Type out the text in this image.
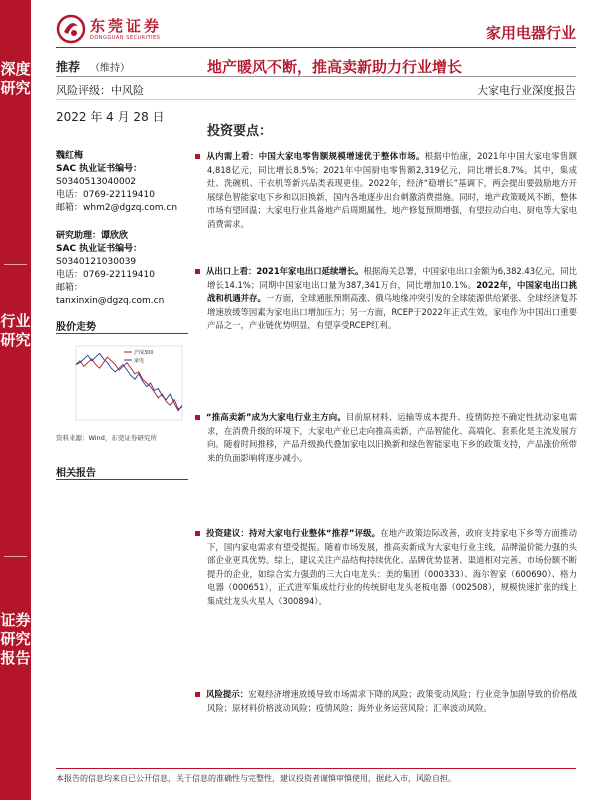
深度研究
行业研究
证券研究报告
东莞证券
DONGGUAN SECURITIES	家用电器行业
推荐 （维持）	地产暖风不断，推高卖新助力行业增长
风险评级：中风险	大家电行业深度报告
2022 年 4 月 28 日
魏红梅
SAC 执业证书编号：
S0340513040002
电话：0769-22119410
邮箱：whm2@dgzq.com.cn
研究助理：谭欣欣
SAC 执业证书编号：
S0340121030039
电话：0769-22119410
邮箱：
tanxinxin@dgzq.com.cn
股价走势
沪深300
家电
资料来源：Wind，东莞证券研究所
相关报告
投资要点：
从内需上看：中国大家电零售额规模增速优于整体市场。根据中怡康，2021年中国大家电零售额4,818亿元，同比增长8.5%；2021年中国厨电零售额2,319亿元，同比增长8.7%。其中，集成灶、洗碗机、干衣机等新兴品类表现更佳。2022年，经济“稳增长”基调下，两会提出要鼓励地方开展绿色智能家电下乡和以旧换新，国内各地逐步出台刺激消费措施。同时，地产政策暖风不断，整体市场有望回温；大家电行业具备地产后周期属性，地产修复预期增强，有望拉动白电、厨电等大家电消费需求。
从出口上看：2021年家电出口延续增长。根据海关总署，中国家电出口金额为6,382.43亿元，同比增长14.1%；同期中国家电出口量为387,341万台，同比增加10.1%。2022年，中国家电出口挑战和机遇并存。一方面，全球通胀预期高涨、俄乌地缘冲突引发的全球能源供给紧张、全球经济复苏增速放缓等因素为家电出口增加压力；另一方面，RCEP于2022年正式生效，家电作为中国出口重要产品之一，产业链优势明显，有望享受RCEP红利。
“推高卖新”成为大家电行业主方向。目前原材料、运输等成本提升、疫情防控不确定性扰动家电需求，在消费升级的环境下，大家电产业已走向推高卖新，产品智能化、高端化、套系化是主流发展方向。随着时间推移，产品升级换代叠加家电以旧换新和绿色智能家电下乡的政策支持，产品涨价所带来的负面影响将逐步减小。
投资建议：持对大家电行业整体“推荐”评级。在地产政策边际改善，政府支持家电下乡等方面推动下，国内家电需求有望受提振。随着市场发展，推高卖新成为大家电行业主线，品牌溢价能力强的头部企业更具优势。综上，建议关注产品结构持续优化、品牌优势显著、渠道相对完善、市场份额不断提升的企业，如综合实力强劲的三大白电龙头：美的集团（000333）、海尔智家（600690）、格力电器（000651），正式进军集成灶行业的传统厨电龙头老板电器（002508），规模快速扩张的线上集成灶龙头火星人（300894）。
风险提示：宏观经济增速放缓导致市场需求下降的风险；政策变动风险；行业竞争加剧导致的价格战风险；原材料价格波动风险；疫情风险；海外业务运营风险；汇率波动风险。
本报告的信息均来自已公开信息，关于信息的准确性与完整性，建议投资者谨慎审慎使用，据此入市，风险自担。
